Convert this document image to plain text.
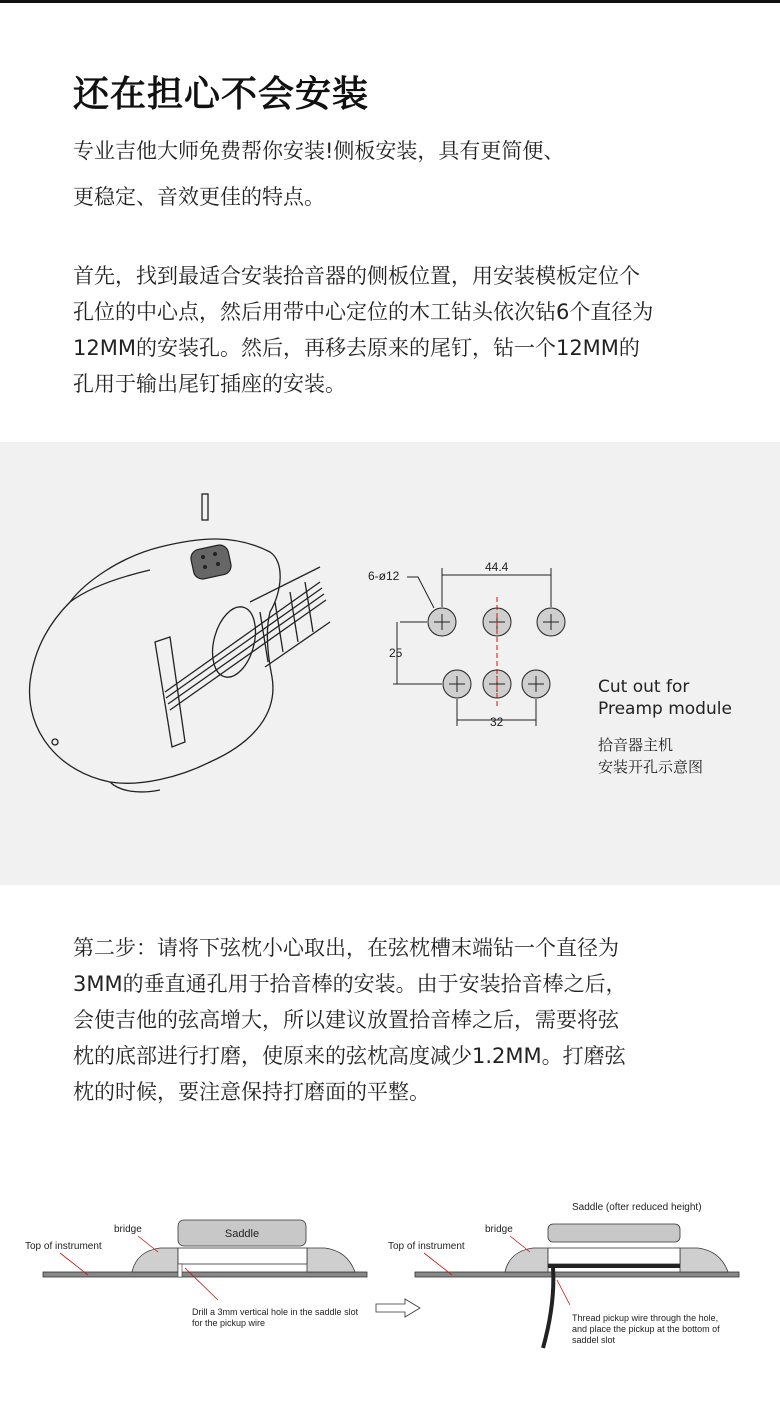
还在担心不会安装

专业吉他大师免费帮你安装!侧板安装，具有更简便、
更稳定、音效更佳的特点。

首先，找到最适合安装拾音器的侧板位置，用安装模板定位个
孔位的中心点，然后用带中心定位的木工钻头依次钻6个直径为
12MM的安装孔。然后，再移去原来的尾钉，钻一个12MM的
孔用于输出尾钉插座的安装。

6-ø12
44.4
25
32
Cut out for
Preamp module
拾音器主机
安装开孔示意图

第二步：请将下弦枕小心取出，在弦枕槽末端钻一个直径为
3MM的垂直通孔用于拾音棒的安装。由于安装拾音棒之后，
会使吉他的弦高增大，所以建议放置拾音棒之后，需要将弦
枕的底部进行打磨，使原来的弦枕高度减少1.2MM。打磨弦
枕的时候，要注意保持打磨面的平整。

Saddle
bridge
Top of instrument
Drill a 3mm vertical hole in the saddle slot
for the pickup wire
Saddle (ofter reduced height)
bridge
Top of instrument
Thread pickup wire through the hole,
and place the pickup at the bottom of
saddel slot
